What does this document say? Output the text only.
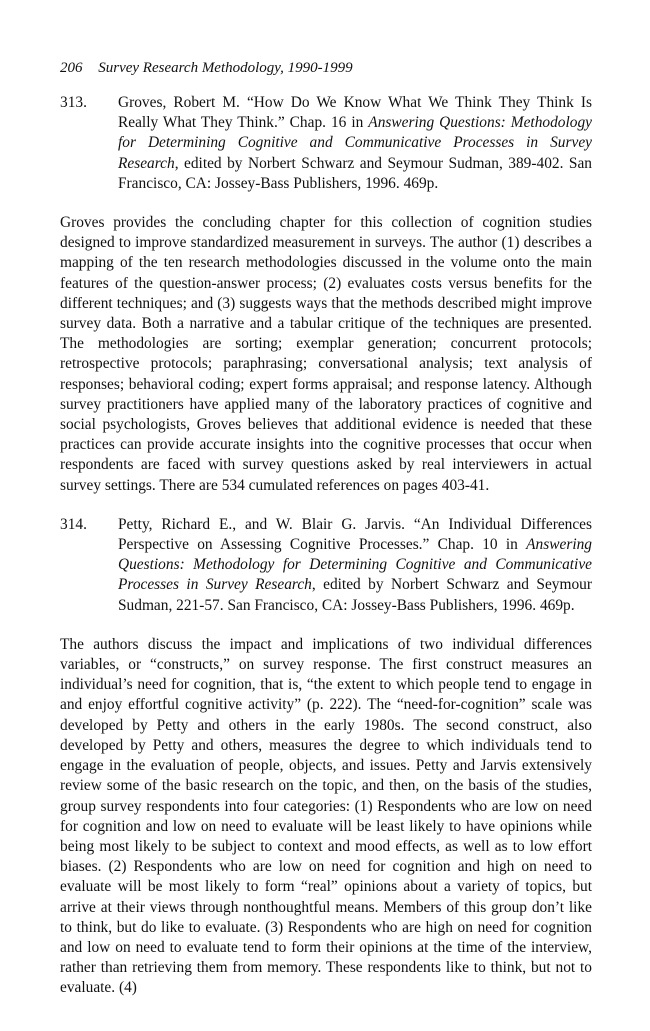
206 Survey Research Methodology, 1990-1999
313. Groves, Robert M. “How Do We Know What We Think They Think Is Really What They Think.” Chap. 16 in Answering Questions: Methodology for Determining Cognitive and Communicative Processes in Survey Research, edited by Norbert Schwarz and Seymour Sudman, 389-402. San Francisco, CA: Jossey-Bass Publishers, 1996. 469p.

Groves provides the concluding chapter for this collection of cognition studies designed to improve standardized measurement in surveys. The author (1) describes a mapping of the ten research methodologies discussed in the volume onto the main features of the question-answer process; (2) evaluates costs versus benefits for the different techniques; and (3) suggests ways that the methods described might improve survey data. Both a narrative and a tabular critique of the techniques are presented. The methodologies are sorting; exemplar generation; concurrent protocols; retrospective protocols; paraphrasing; conversational analysis; text analysis of responses; behavioral coding; expert forms appraisal; and response latency. Although survey practitioners have applied many of the laboratory practices of cognitive and social psychologists, Groves believes that additional evidence is needed that these practices can provide accurate insights into the cognitive processes that occur when respondents are faced with survey questions asked by real interviewers in actual survey settings. There are 534 cumulated references on pages 403-41.

314. Petty, Richard E., and W. Blair G. Jarvis. “An Individual Differences Perspective on Assessing Cognitive Processes.” Chap. 10 in Answering Questions: Methodology for Determining Cognitive and Communicative Processes in Survey Research, edited by Norbert Schwarz and Seymour Sudman, 221-57. San Francisco, CA: Jossey-Bass Publishers, 1996. 469p.

The authors discuss the impact and implications of two individual differences variables, or “constructs,” on survey response. The first construct measures an individual’s need for cognition, that is, “the extent to which people tend to engage in and enjoy effortful cognitive activity” (p. 222). The “need-for-cognition” scale was developed by Petty and others in the early 1980s. The second construct, also developed by Petty and others, measures the degree to which individuals tend to engage in the evaluation of people, objects, and issues. Petty and Jarvis extensively review some of the basic research on the topic, and then, on the basis of the studies, group survey respondents into four categories: (1) Respondents who are low on need for cognition and low on need to evaluate will be least likely to have opinions while being most likely to be subject to context and mood effects, as well as to low effort biases. (2) Respondents who are low on need for cognition and high on need to evaluate will be most likely to form “real” opinions about a variety of topics, but arrive at their views through nonthoughtful means. Members of this group don’t like to think, but do like to evaluate. (3) Respondents who are high on need for cognition and low on need to evaluate tend to form their opinions at the time of the interview, rather than retrieving them from memory. These respondents like to think, but not to evaluate. (4)
